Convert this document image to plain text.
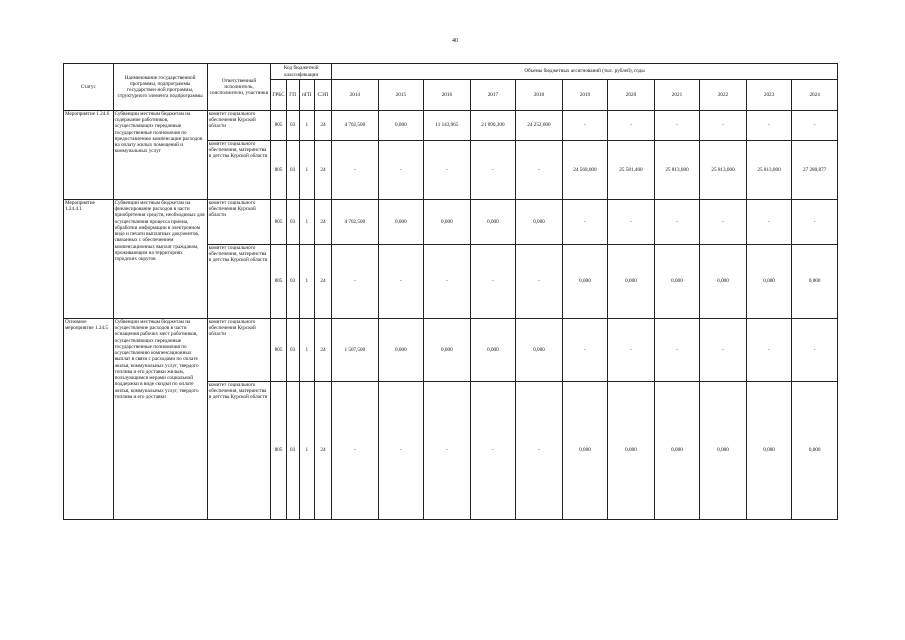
40
Статус	Наименование государственной программы, подпрограммы государствен-ной программы, структурного элемента подпрограммы	Ответственный исполнитель, соисполнители, участники	Код бюджетной классификации				Объемы бюджетных ассигнований (тыс. рублей), годы										
			ГРБС	ГП	пГП	СЭП	2014	2015	2016	2017	2018	2019	2020	2021	2022	2023	2024
Мероприятие 1.24.6	Субвенции местным бюджетам на содержание работников, осуществляющих переданные государственные полномочия по предоставлению компенсации расходов на оплату жилых помещений и коммунальных услуг	комитет социального обеспечения Курской области	805	03	1	24	4 702,500	0,000	11 143,965	21 090,300	24 252,600	-	-	-	-	-	-
		комитет социального обеспечения, материнства и детства Курской области	805	03	1	24	-	-	-	-	-	24 568,000	25 581,400	25 813,000	25 813,000	25 813,000	27 280,877
Мероприятие 1.24.4.1	Субвенции местным бюджетам на финансирование расходов в части приобретения средств, необходимых для осуществления процесса приема, обработки информации в электронном виде и печати выплатных документов, связанных с обеспечением компенсационных выплат гражданам, проживающим на территориях городских округов	комитет социального обеспечения Курской области	805	03	1	24	4 702,500	0,000	0,000	0,000	0,000	-	-	-	-	-	-
		комитет социального обеспечения, материнства и детства Курской области	805	03	1	24	-	-	-	-	-	0,000	0,000	0,000	0,000	0,000	0,000
Основное мероприятие 1.24.5	Субвенции местным бюджетам на осуществление расходов в части оснащения рабочих мест работников, осуществляющих переданные государственные полномочия по осуществлению компенсационных выплат в связи с расходами по оплате жилья, коммунальных услуг, твердого топлива и его доставки жилым, пользующимся мерами социальной поддержки в виде скидки по оплате жилья, коммунальных услуг, твердого топлива и его доставки	комитет социального обеспечения Курской области	805	03	1	24	1 507,500	0,000	0,000	0,000	0,000	-	-	-	-	-	-
		комитет социального обеспечения, материнства и детства Курской области	805	03	1	24	-	-	-	-	-	0,000	0,000	0,000	0,000	0,000	0,000
